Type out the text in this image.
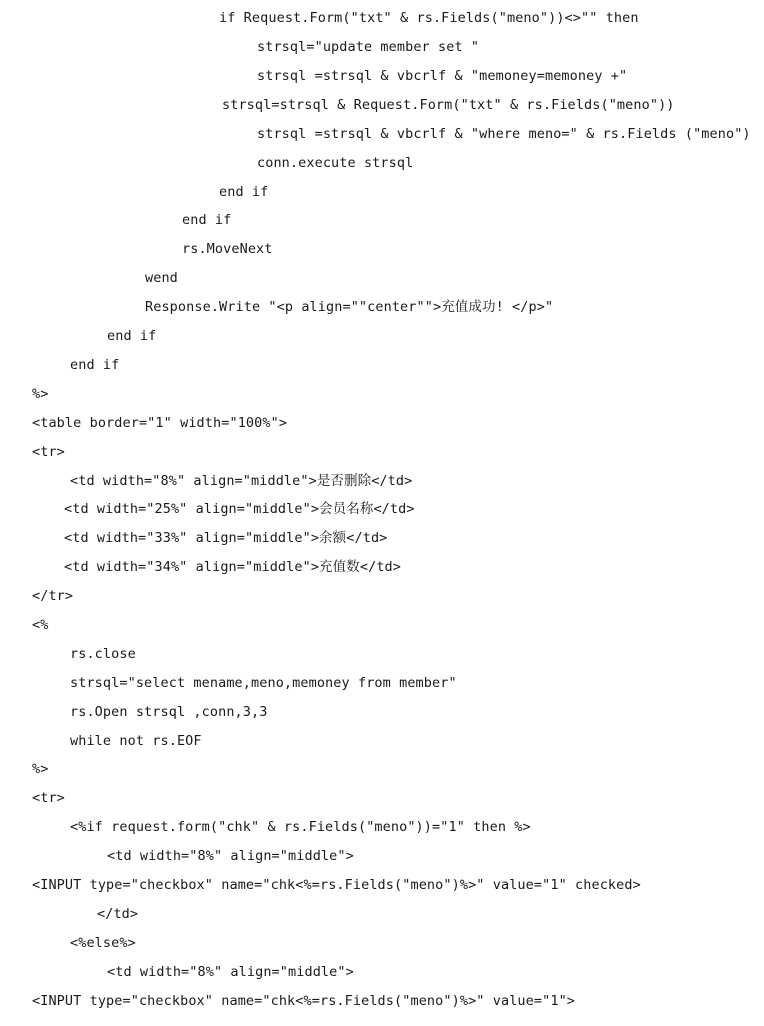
if Request.Form("txt" & rs.Fields("meno"))<>"" then
strsql="update member set "
strsql =strsql & vbcrlf & "memoney=memoney +"
strsql=strsql & Request.Form("txt" & rs.Fields("meno"))
strsql =strsql & vbcrlf & "where meno=" & rs.Fields ("meno")
conn.execute strsql
end if
end if
rs.MoveNext
wend
Response.Write "<p align=""center"">充值成功! </p>"
end if
end if
%>
<table border="1" width="100%">
<tr>
<td width="8%" align="middle">是否删除</td>
<td width="25%" align="middle">会员名称</td>
<td width="33%" align="middle">余额</td>
<td width="34%" align="middle">充值数</td>
</tr>
<%
rs.close
strsql="select mename,meno,memoney from member"
rs.Open strsql ,conn,3,3
while not rs.EOF
%>
<tr>
<%if request.form("chk" & rs.Fields("meno"))="1" then %>
<td width="8%" align="middle">
<INPUT type="checkbox" name="chk<%=rs.Fields("meno")%>" value="1" checked>
</td>
<%else%>
<td width="8%" align="middle">
<INPUT type="checkbox" name="chk<%=rs.Fields("meno")%>" value="1">
